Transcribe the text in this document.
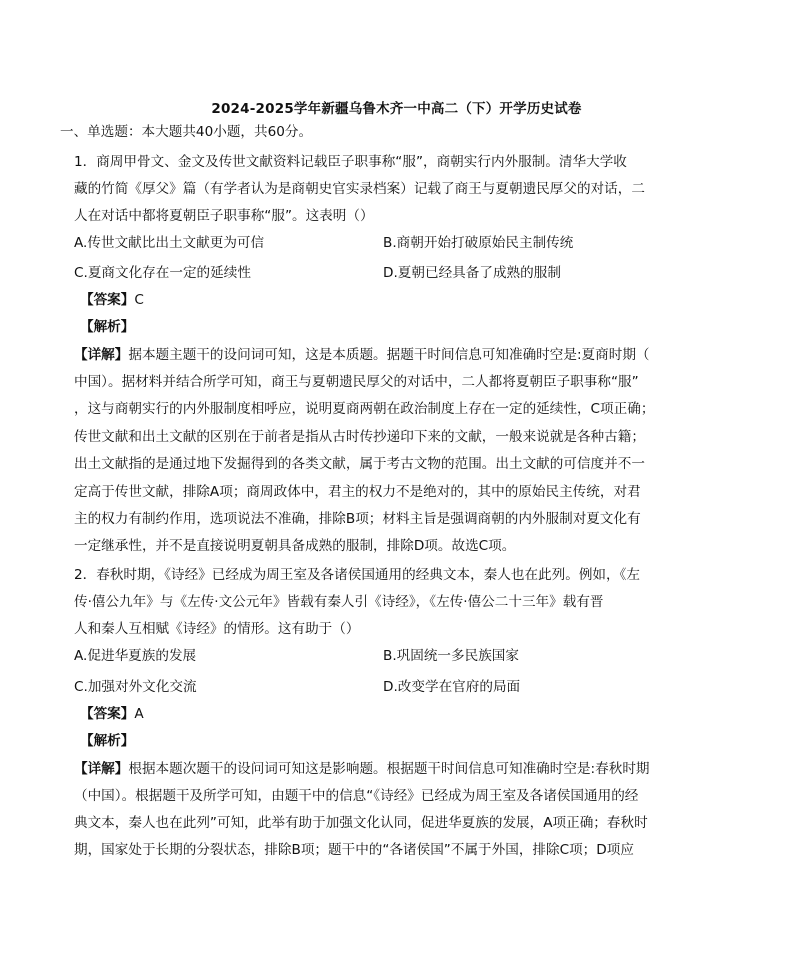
2024-2025学年新疆乌鲁木齐一中高二（下）开学历史试卷
一、单选题：本大题共40小题，共60分。
1．商周甲骨文、金文及传世文献资料记载臣子职事称“服”，商朝实行内外服制。清华大学收
藏的竹简《厚父》篇（有学者认为是商朝史官实录档案）记载了商王与夏朝遗民厚父的对话，二
人在对话中都将夏朝臣子职事称“服”。这表明（）
A.传世文献比出土文献更为可信	B.商朝开始打破原始民主制传统
C.夏商文化存在一定的延续性	D.夏朝已经具备了成熟的服制
【答案】C
【解析】
【详解】据本题主题干的设问词可知，这是本质题。据题干时间信息可知准确时空是:夏商时期（
中国）。据材料并结合所学可知，商王与夏朝遗民厚父的对话中，二人都将夏朝臣子职事称“服”
，这与商朝实行的内外服制度相呼应，说明夏商两朝在政治制度上存在一定的延续性，C项正确；
传世文献和出土文献的区别在于前者是指从古时传抄递印下来的文献，一般来说就是各种古籍；
出土文献指的是通过地下发掘得到的各类文献，属于考古文物的范围。出土文献的可信度并不一
定高于传世文献，排除A项；商周政体中，君主的权力不是绝对的，其中的原始民主传统，对君
主的权力有制约作用，选项说法不准确，排除B项；材料主旨是强调商朝的内外服制对夏文化有
一定继承性，并不是直接说明夏朝具备成熟的服制，排除D项。故选C项。
2．春秋时期，《诗经》已经成为周王室及各诸侯国通用的经典文本，秦人也在此列。例如，《左
传·僖公九年》与《左传·文公元年》皆载有秦人引《诗经》，《左传·僖公二十三年》载有晋
人和秦人互相赋《诗经》的情形。这有助于（）
A.促进华夏族的发展	B.巩固统一多民族国家
C.加强对外文化交流	D.改变学在官府的局面
【答案】A
【解析】
【详解】根据本题次题干的设问词可知这是影响题。根据题干时间信息可知准确时空是:春秋时期
（中国）。根据题干及所学可知，由题干中的信息“《诗经》已经成为周王室及各诸侯国通用的经
典文本，秦人也在此列”可知，此举有助于加强文化认同，促进华夏族的发展，A项正确；春秋时
期，国家处于长期的分裂状态，排除B项；题干中的“各诸侯国”不属于外国，排除C项；D项应
